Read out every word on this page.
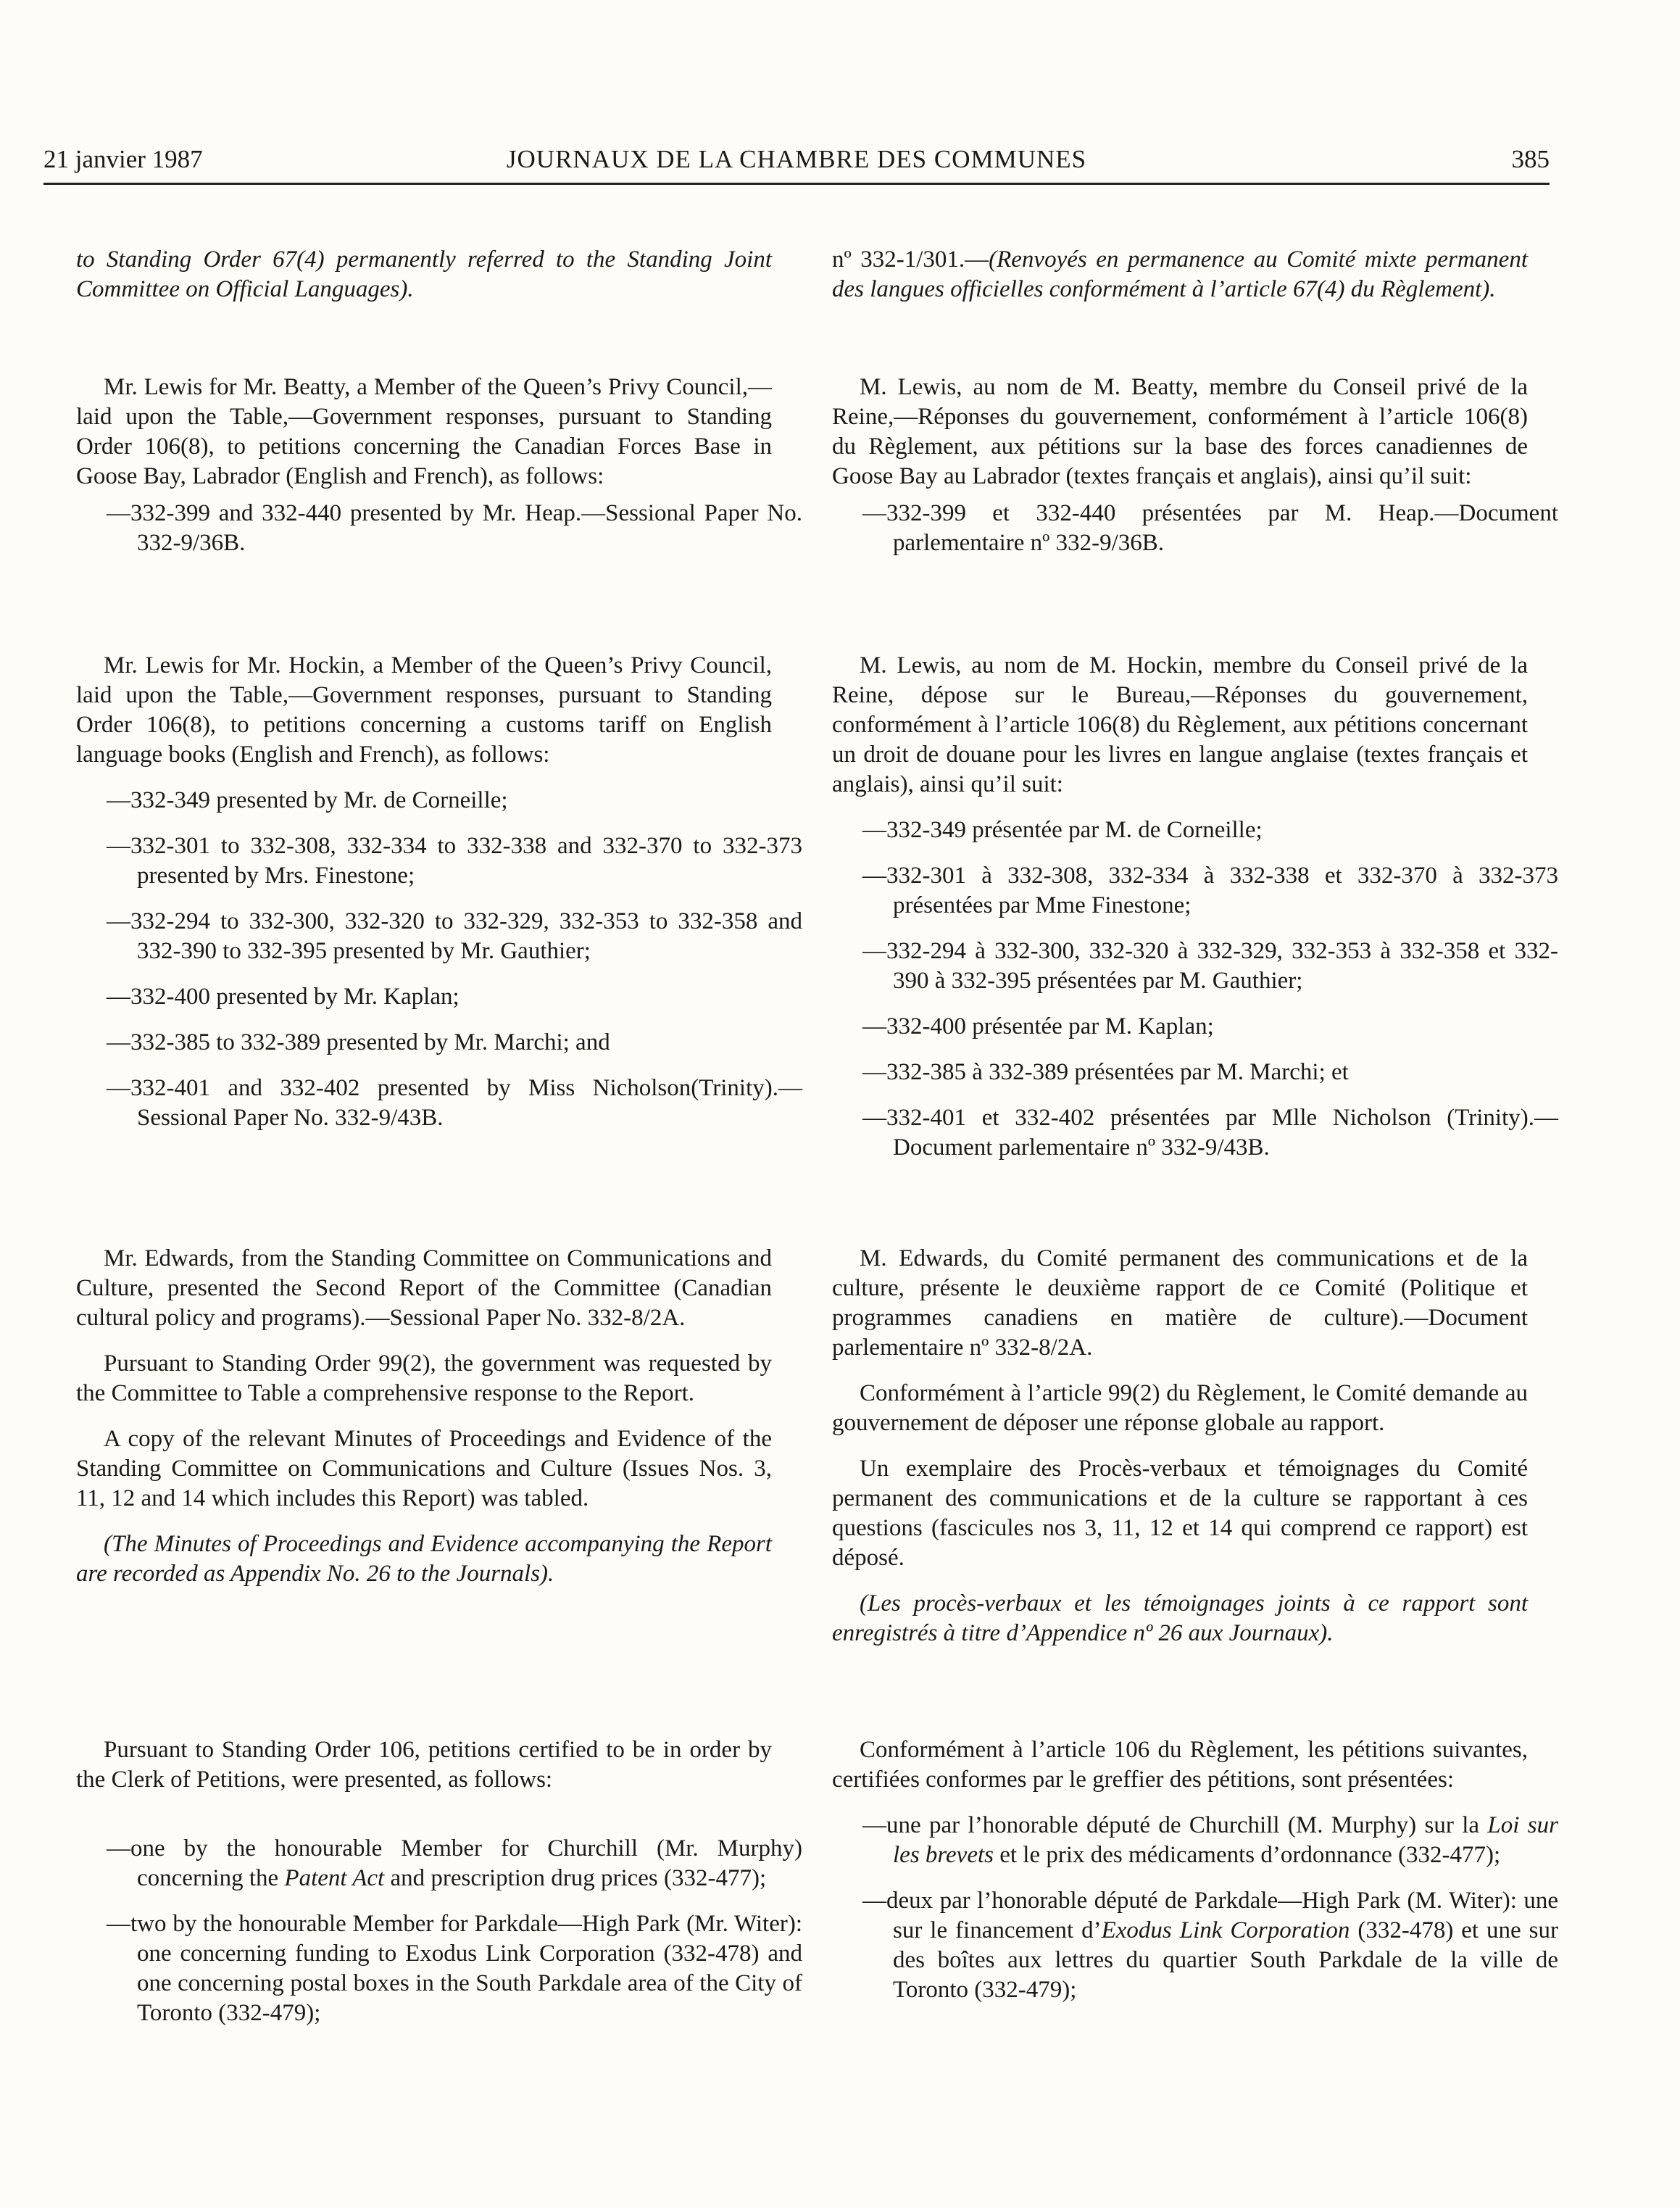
21 janvier 1987	JOURNAUX DE LA CHAMBRE DES COMMUNES	385

to Standing Order 67(4) permanently referred to the Standing Joint Committee on Official Languages).

Mr. Lewis for Mr. Beatty, a Member of the Queen’s Privy Council,—laid upon the Table,—Government responses, pursuant to Standing Order 106(8), to petitions concerning the Canadian Forces Base in Goose Bay, Labrador (English and French), as follows:

—332-399 and 332-440 presented by Mr. Heap.—Sessional Paper No. 332-9/36B.

Mr. Lewis for Mr. Hockin, a Member of the Queen’s Privy Council, laid upon the Table,—Government responses, pursuant to Standing Order 106(8), to petitions concerning a customs tariff on English language books (English and French), as follows:

—332-349 presented by Mr. de Corneille;

—332-301 to 332-308, 332-334 to 332-338 and 332-370 to 332-373 presented by Mrs. Finestone;

—332-294 to 332-300, 332-320 to 332-329, 332-353 to 332-358 and 332-390 to 332-395 presented by Mr. Gauthier;

—332-400 presented by Mr. Kaplan;

—332-385 to 332-389 presented by Mr. Marchi; and

—332-401 and 332-402 presented by Miss Nicholson(Trinity).—Sessional Paper No. 332-9/43B.

Mr. Edwards, from the Standing Committee on Communications and Culture, presented the Second Report of the Committee (Canadian cultural policy and programs).—Sessional Paper No. 332-8/2A.

Pursuant to Standing Order 99(2), the government was requested by the Committee to Table a comprehensive response to the Report.

A copy of the relevant Minutes of Proceedings and Evidence of the Standing Committee on Communications and Culture (Issues Nos. 3, 11, 12 and 14 which includes this Report) was tabled.

(The Minutes of Proceedings and Evidence accompanying the Report are recorded as Appendix No. 26 to the Journals).

Pursuant to Standing Order 106, petitions certified to be in order by the Clerk of Petitions, were presented, as follows:

—one by the honourable Member for Churchill (Mr. Murphy) concerning the Patent Act and prescription drug prices (332-477);

—two by the honourable Member for Parkdale—High Park (Mr. Witer): one concerning funding to Exodus Link Corporation (332-478) and one concerning postal boxes in the South Parkdale area of the City of Toronto (332-479);

nº 332-1/301.—(Renvoyés en permanence au Comité mixte permanent des langues officielles conformément à l’article 67(4) du Règlement).

M. Lewis, au nom de M. Beatty, membre du Conseil privé de la Reine,—Réponses du gouvernement, conformément à l’article 106(8) du Règlement, aux pétitions sur la base des forces canadiennes de Goose Bay au Labrador (textes français et anglais), ainsi qu’il suit:

—332-399 et 332-440 présentées par M. Heap.—Document parlementaire nº 332-9/36B.

M. Lewis, au nom de M. Hockin, membre du Conseil privé de la Reine, dépose sur le Bureau,—Réponses du gouvernement, conformément à l’article 106(8) du Règlement, aux pétitions concernant un droit de douane pour les livres en langue anglaise (textes français et anglais), ainsi qu’il suit:

—332-349 présentée par M. de Corneille;

—332-301 à 332-308, 332-334 à 332-338 et 332-370 à 332-373 présentées par Mme Finestone;

—332-294 à 332-300, 332-320 à 332-329, 332-353 à 332-358 et 332-390 à 332-395 présentées par M. Gauthier;

—332-400 présentée par M. Kaplan;

—332-385 à 332-389 présentées par M. Marchi; et

—332-401 et 332-402 présentées par Mlle Nicholson (Trinity).—Document parlementaire nº 332-9/43B.

M. Edwards, du Comité permanent des communications et de la culture, présente le deuxième rapport de ce Comité (Politique et programmes canadiens en matière de culture).—Document parlementaire nº 332-8/2A.

Conformément à l’article 99(2) du Règlement, le Comité demande au gouvernement de déposer une réponse globale au rapport.

Un exemplaire des Procès-verbaux et témoignages du Comité permanent des communications et de la culture se rapportant à ces questions (fascicules nos 3, 11, 12 et 14 qui comprend ce rapport) est déposé.

(Les procès-verbaux et les témoignages joints à ce rapport sont enregistrés à titre d’Appendice nº 26 aux Journaux).

Conformément à l’article 106 du Règlement, les pétitions suivantes, certifiées conformes par le greffier des pétitions, sont présentées:

—une par l’honorable député de Churchill (M. Murphy) sur la Loi sur les brevets et le prix des médicaments d’ordonnance (332-477);

—deux par l’honorable député de Parkdale—High Park (M. Witer): une sur le financement d’Exodus Link Corporation (332-478) et une sur des boîtes aux lettres du quartier South Parkdale de la ville de Toronto (332-479);
